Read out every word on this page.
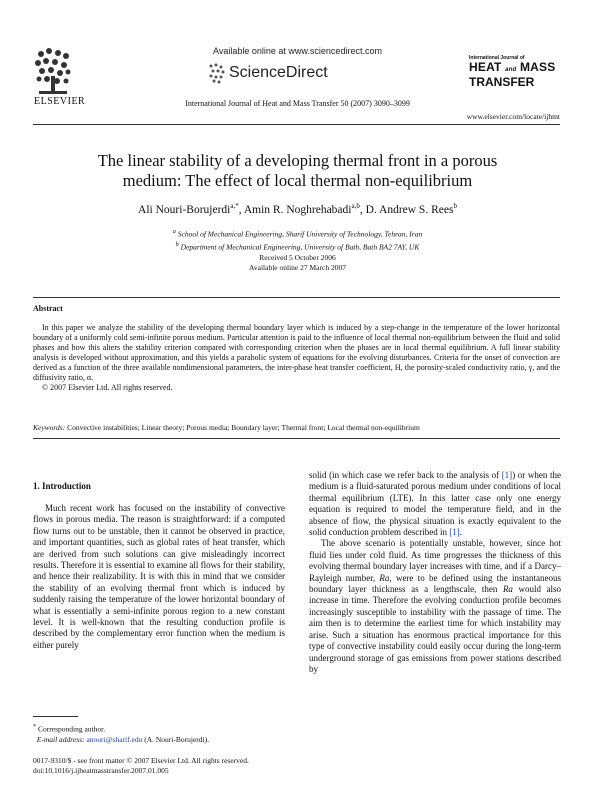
ELSEVIER
Available online at www.sciencedirect.com
ScienceDirect
International Journal of
HEAT and MASS
TRANSFER
International Journal of Heat and Mass Transfer 50 (2007) 3090–3099
www.elsevier.com/locate/ijhmt
The linear stability of a developing thermal front in a porous
medium: The effect of local thermal non-equilibrium
Ali Nouri-Borujerdi$^{a,*}$, Amin R. Noghrehabadi$^{a,b}$, D. Andrew S. Rees$^b$
$^a$ School of Mechanical Engineering, Sharif University of Technology, Tehran, Iran
$^b$ Department of Mechanical Engineering, University of Bath, Bath BA2 7AY, UK
Received 5 October 2006
Available online 27 March 2007
Abstract

In this paper we analyze the stability of the developing thermal boundary layer which is induced by a step-change in the temperature of the lower horizontal boundary of a uniformly cold semi-infinite porous medium. Particular attention is paid to the influence of local thermal non-equilibrium between the fluid and solid phases and how this alters the stability criterion compared with corresponding criterion when the phases are in local thermal equilibrium. A full linear stability analysis is developed without approximation, and this yields a parabolic system of equations for the evolving disturbances. Criteria for the onset of convection are derived as a function of the three available nondimensional parameters, the inter-phase heat transfer coefficient, H, the porosity-scaled conductivity ratio, γ, and the diffusivity ratio, α.

© 2007 Elsevier Ltd. All rights reserved.

Keywords: Convective instabilities; Linear theory; Porous media; Boundary layer; Thermal front; Local thermal non-equilibrium
1. Introduction

Much recent work has focused on the instability of convective flows in porous media. The reason is straightforward: if a computed flow turns out to be unstable, then it cannot be observed in practice, and important quantities, such as global rates of heat transfer, which are derived from such solutions can give misleadingly incorrect results. Therefore it is essential to examine all flows for their stability, and hence their realizability. It is with this in mind that we consider the stability of an evolving thermal front which is induced by suddenly raising the temperature of the lower horizontal boundary of what is essentially a semi-infinite porous region to a new constant level. It is well-known that the resulting conduction profile is described by the complementary error function when the medium is either purely

solid (in which case we refer back to the analysis of [1]) or when the medium is a fluid-saturated porous medium under conditions of local thermal equilibrium (LTE). In this latter case only one energy equation is required to model the temperature field, and in the absence of flow, the physical situation is exactly equivalent to the solid conduction problem described in [1].

The above scenario is potentially unstable, however, since hot fluid lies under cold fluid. As time progresses the thickness of this evolving thermal boundary layer increases with time, and if a Darcy–Rayleigh number, Ra, were to be defined using the instantaneous boundary layer thickness as a lengthscale, then Ra would also increase in time. Therefore the evolving conduction profile becomes increasingly susceptible to instability with the passage of time. The aim then is to determine the earliest time for which instability may arise. Such a situation has enormous practical importance for this type of convective instability could easily occur during the long-term underground storage of gas emissions from power stations described by

* Corresponding author.
E-mail address: anouri@sharif.edu (A. Nouri-Borujerdi).
0017-9310/$ - see front matter © 2007 Elsevier Ltd. All rights reserved.
doi:10.1016/j.ijheatmasstransfer.2007.01.005
